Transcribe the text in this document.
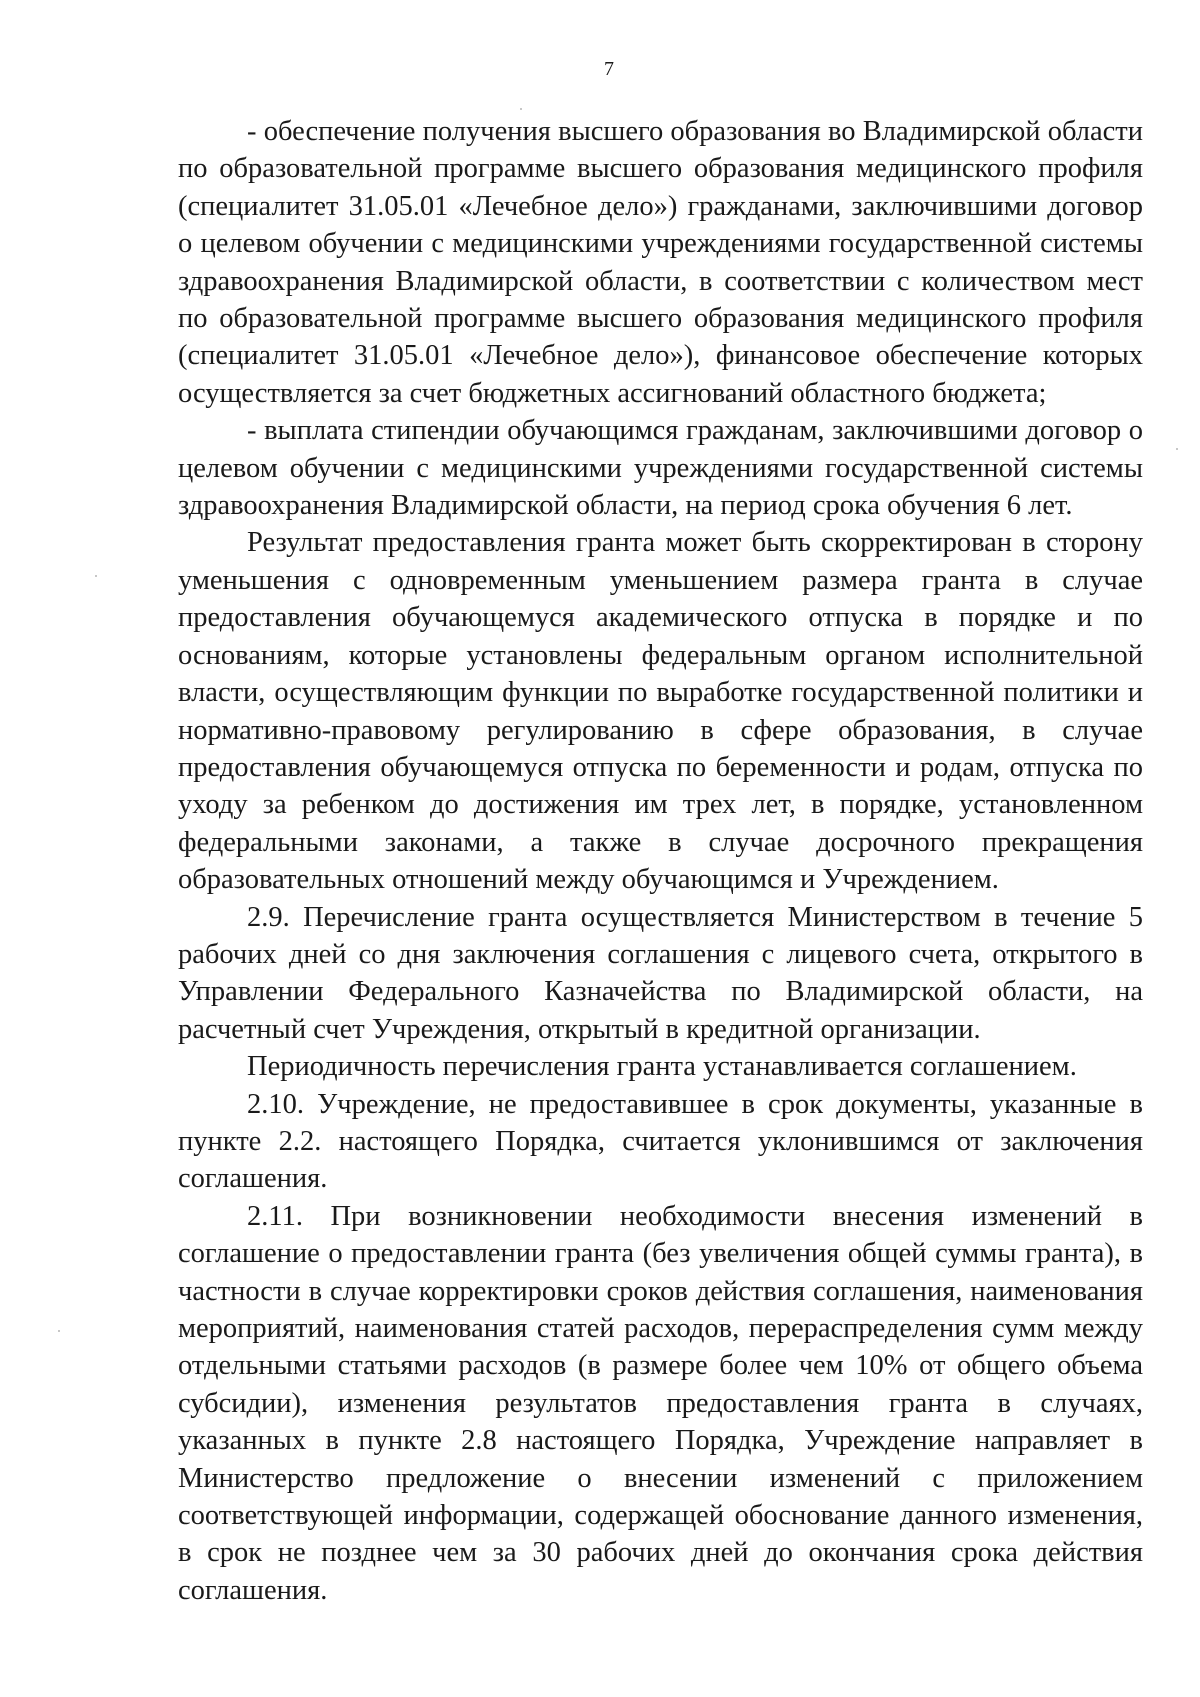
7

- обеспечение получения высшего образования во Владимирской области по образовательной программе высшего образования медицинского профиля (специалитет 31.05.01 «Лечебное дело») гражданами, заключившими договор о целевом обучении с медицинскими учреждениями государственной системы здравоохранения Владимирской области, в соответствии с количеством мест по образовательной программе высшего образования медицинского профиля (специалитет 31.05.01 «Лечебное дело»), финансовое обеспечение которых осуществляется за счет бюджетных ассигнований областного бюджета;

- выплата стипендии обучающимся гражданам, заключившими договор о целевом обучении с медицинскими учреждениями государственной системы здравоохранения Владимирской области, на период срока обучения 6 лет.

Результат предоставления гранта может быть скорректирован в сторону уменьшения с одновременным уменьшением размера гранта в случае предоставления обучающемуся академического отпуска в порядке и по основаниям, которые установлены федеральным органом исполнительной власти, осуществляющим функции по выработке государственной политики и нормативно-правовому регулированию в сфере образования, в случае предоставления обучающемуся отпуска по беременности и родам, отпуска по уходу за ребенком до достижения им трех лет, в порядке, установленном федеральными законами, а также в случае досрочного прекращения образовательных отношений между обучающимся и Учреждением.

2.9. Перечисление гранта осуществляется Министерством в течение 5 рабочих дней со дня заключения соглашения с лицевого счета, открытого в Управлении Федерального Казначейства по Владимирской области, на расчетный счет Учреждения, открытый в кредитной организации.

Периодичность перечисления гранта устанавливается соглашением.

2.10. Учреждение, не предоставившее в срок документы, указанные в пункте 2.2. настоящего Порядка, считается уклонившимся от заключения соглашения.

2.11. При возникновении необходимости внесения изменений в соглашение о предоставлении гранта (без увеличения общей суммы гранта), в частности в случае корректировки сроков действия соглашения, наименования мероприятий, наименования статей расходов, перераспределения сумм между отдельными статьями расходов (в размере более чем 10% от общего объема субсидии), изменения результатов предоставления гранта в случаях, указанных в пункте 2.8 настоящего Порядка, Учреждение направляет в Министерство предложение о внесении изменений с приложением соответствующей информации, содержащей обоснование данного изменения, в срок не позднее чем за 30 рабочих дней до окончания срока действия соглашения.
